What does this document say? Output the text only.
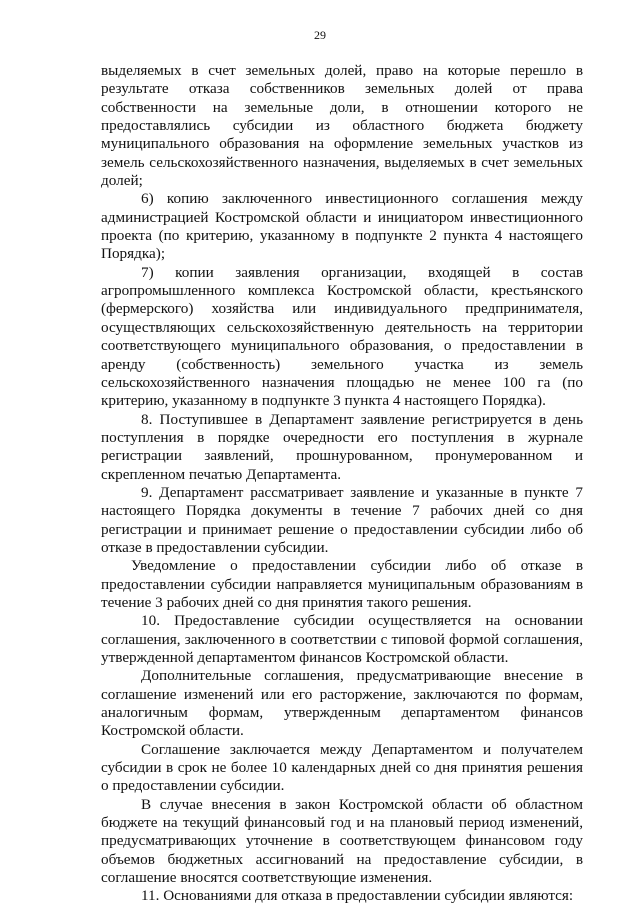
29

выделяемых в счет земельных долей, право на которые перешло в результате отказа собственников земельных долей от права собственности на земельные доли, в отношении которого не предоставлялись субсидии из областного бюджета бюджету муниципального образования на оформление земельных участков из земель сельскохозяйственного назначения, выделяемых в счет земельных долей;

6) копию заключенного инвестиционного соглашения между администрацией Костромской области и инициатором инвестиционного проекта (по критерию, указанному в подпункте 2 пункта 4 настоящего Порядка);

7) копии заявления организации, входящей в состав агропромышленного комплекса Костромской области, крестьянского (фермерского) хозяйства или индивидуального предпринимателя, осуществляющих сельскохозяйственную деятельность на территории соответствующего муниципального образования, о предоставлении в аренду (собственность) земельного участка из земель сельскохозяйственного назначения площадью не менее 100 га (по критерию, указанному в подпункте 3 пункта 4 настоящего Порядка).

8. Поступившее в Департамент заявление регистрируется в день поступления в порядке очередности его поступления в журнале регистрации заявлений, прошнурованном, пронумерованном и скрепленном печатью Департамента.

9. Департамент рассматривает заявление и указанные в пункте 7 настоящего Порядка документы в течение 7 рабочих дней со дня регистрации и принимает решение о предоставлении субсидии либо об отказе в предоставлении субсидии.

Уведомление о предоставлении субсидии либо об отказе в предоставлении субсидии направляется муниципальным образованиям в течение 3 рабочих дней со дня принятия такого решения.

10. Предоставление субсидии осуществляется на основании соглашения, заключенного в соответствии с типовой формой соглашения, утвержденной департаментом финансов Костромской области.

Дополнительные соглашения, предусматривающие внесение в соглашение изменений или его расторжение, заключаются по формам, аналогичным формам, утвержденным департаментом финансов Костромской области.

Соглашение заключается между Департаментом и получателем субсидии в срок не более 10 календарных дней со дня принятия решения о предоставлении субсидии.

В случае внесения в закон Костромской области об областном бюджете на текущий финансовый год и на плановый период изменений, предусматривающих уточнение в соответствующем финансовом году объемов бюджетных ассигнований на предоставление субсидии, в соглашение вносятся соответствующие изменения.

11. Основаниями для отказа в предоставлении субсидии являются:
